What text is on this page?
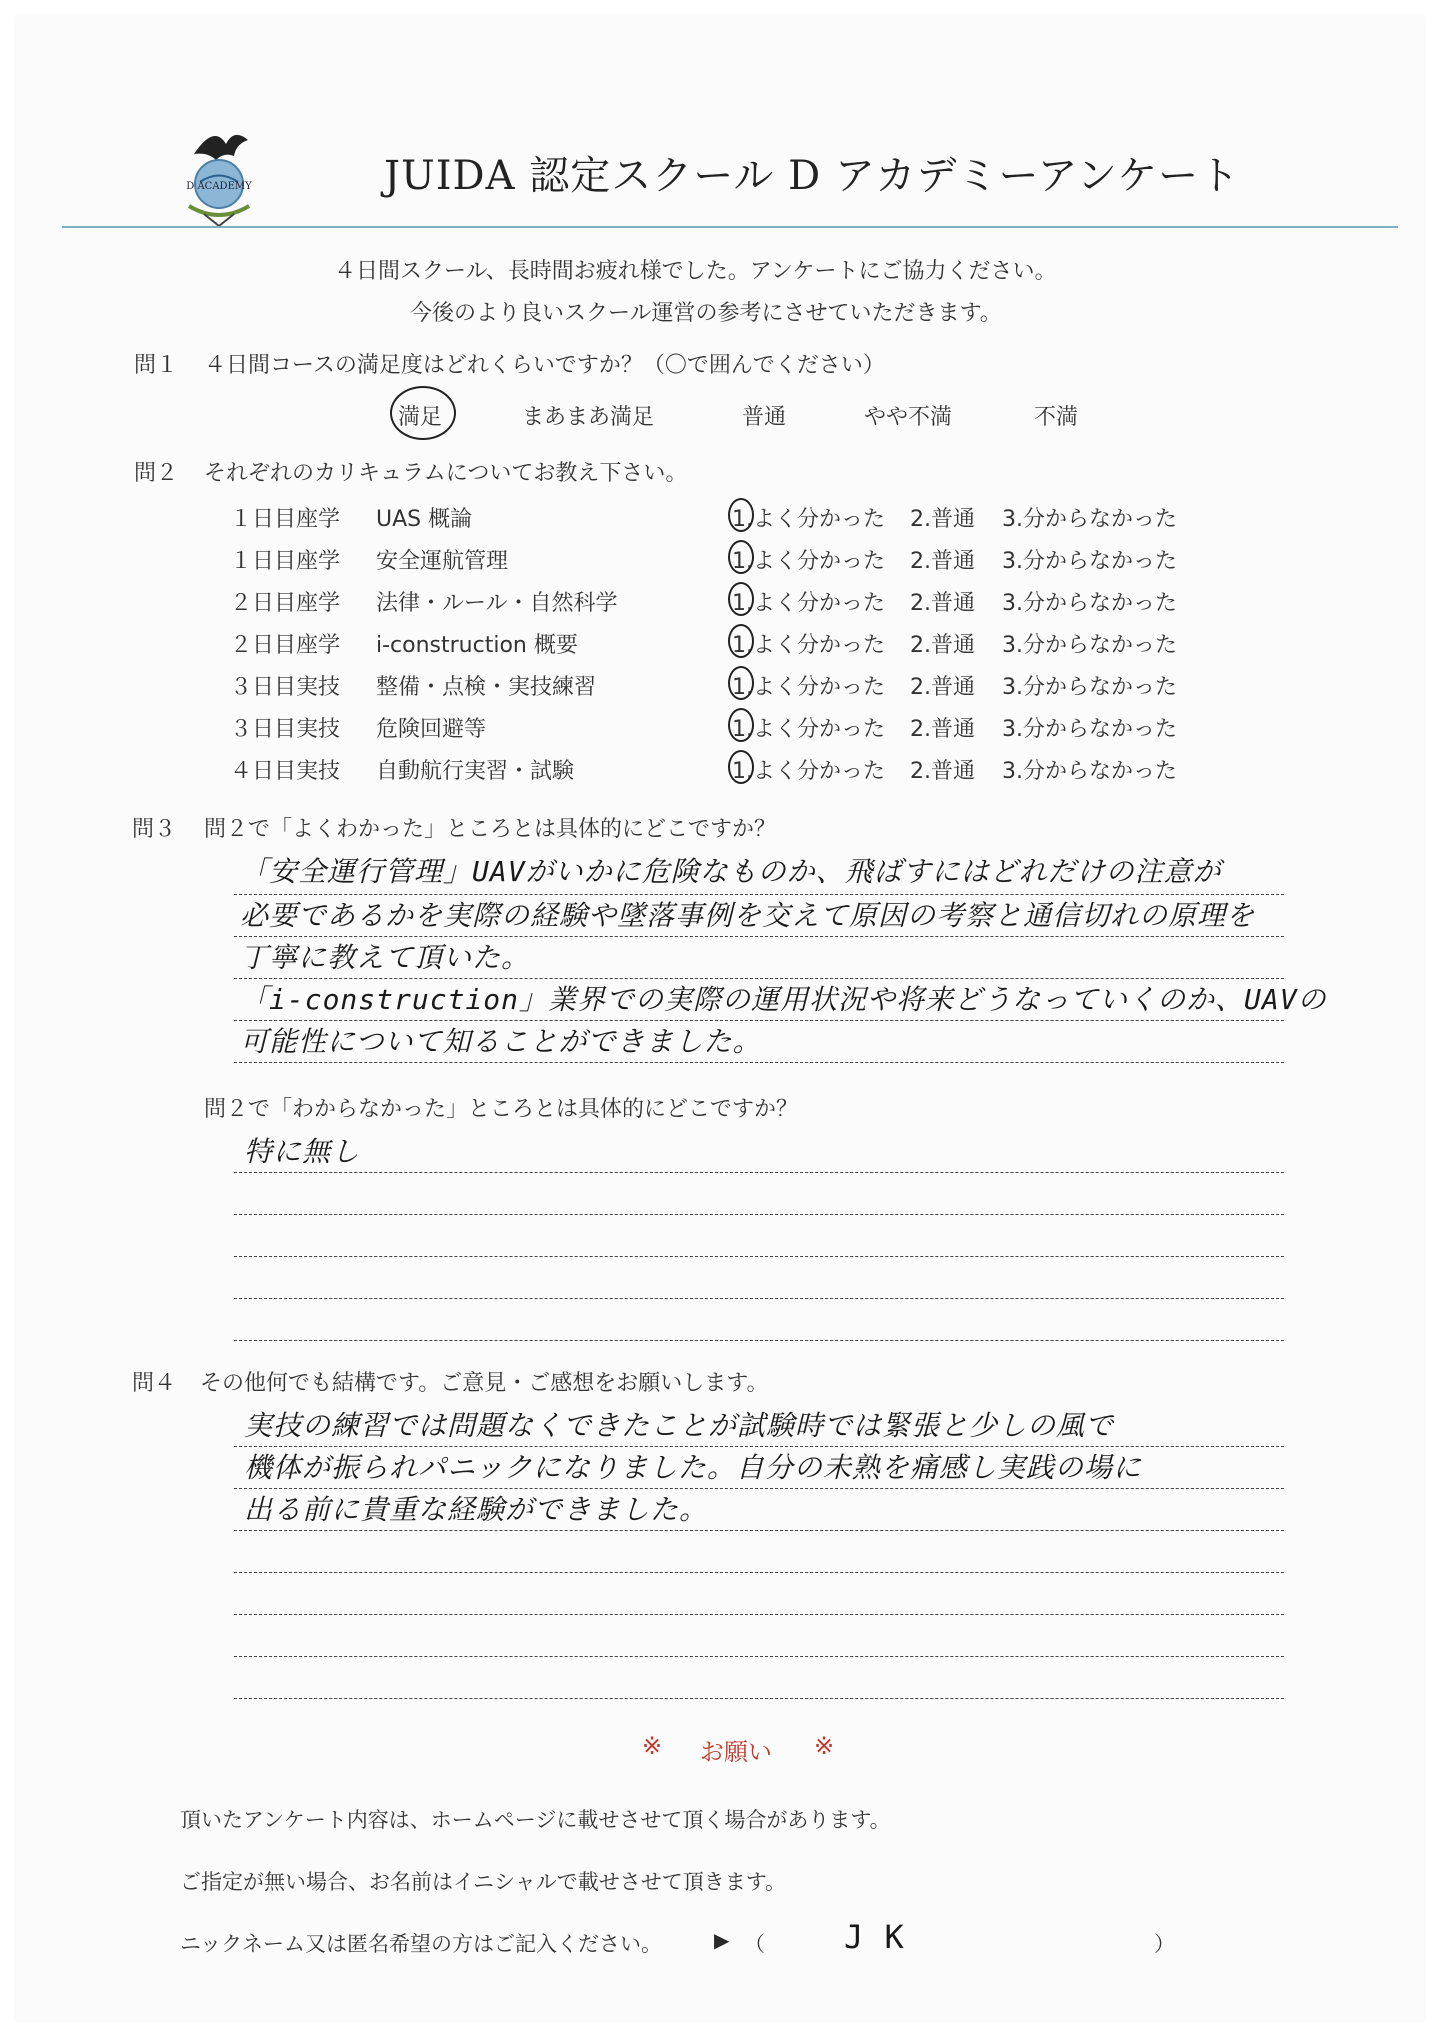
D ACADEMY	JUIDA 認定スクール D アカデミーアンケート
４日間スクール、長時間お疲れ様でした。アンケートにご協力ください。
今後のより良いスクール運営の参考にさせていただきます。
問１ ４日間コースの満足度はどれくらいですか？（〇で囲んでください）
満足	まあまあ満足	普通	やや不満	不満
問２ それぞれのカリキュラムについてお教え下さい。
１日目座学 UAS 概論	1.よく分かった 2.普通 3.分からなかった
１日目座学 安全運航管理	1.よく分かった 2.普通 3.分からなかった
２日目座学 法律・ルール・自然科学	1.よく分かった 2.普通 3.分からなかった
２日目座学 i-construction 概要	1.よく分かった 2.普通 3.分からなかった
３日目実技 整備・点検・実技練習	1.よく分かった 2.普通 3.分からなかった
３日目実技 危険回避等	1.よく分かった 2.普通 3.分からなかった
４日目実技 自動航行実習・試験	1.よく分かった 2.普通 3.分からなかった
問３ 問２で「よくわかった」ところとは具体的にどこですか？
「安全運行管理」UAVがいかに危険なものか、飛ばすにはどれだけの注意が
必要であるかを実際の経験や墜落事例を交えて原因の考察と通信切れの原理を
丁寧に教えて頂いた。
「i-construction」業界での実際の運用状況や将来どうなっていくのか、UAVの
可能性について知ることができました。
問２で「わからなかった」ところとは具体的にどこですか？
特に無し
問４ その他何でも結構です。ご意見・ご感想をお願いします。
実技の練習では問題なくできたことが試験時では緊張と少しの風で
機体が振られパニックになりました。自分の未熟を痛感し実践の場に
出る前に貴重な経験ができました。
※ お願い ※
頂いたアンケート内容は、ホームページに載せさせて頂く場合があります。
ご指定が無い場合、お名前はイニシャルで載せさせて頂きます。
ニックネーム又は匿名希望の方はご記入ください。	▶ （ J K	）
